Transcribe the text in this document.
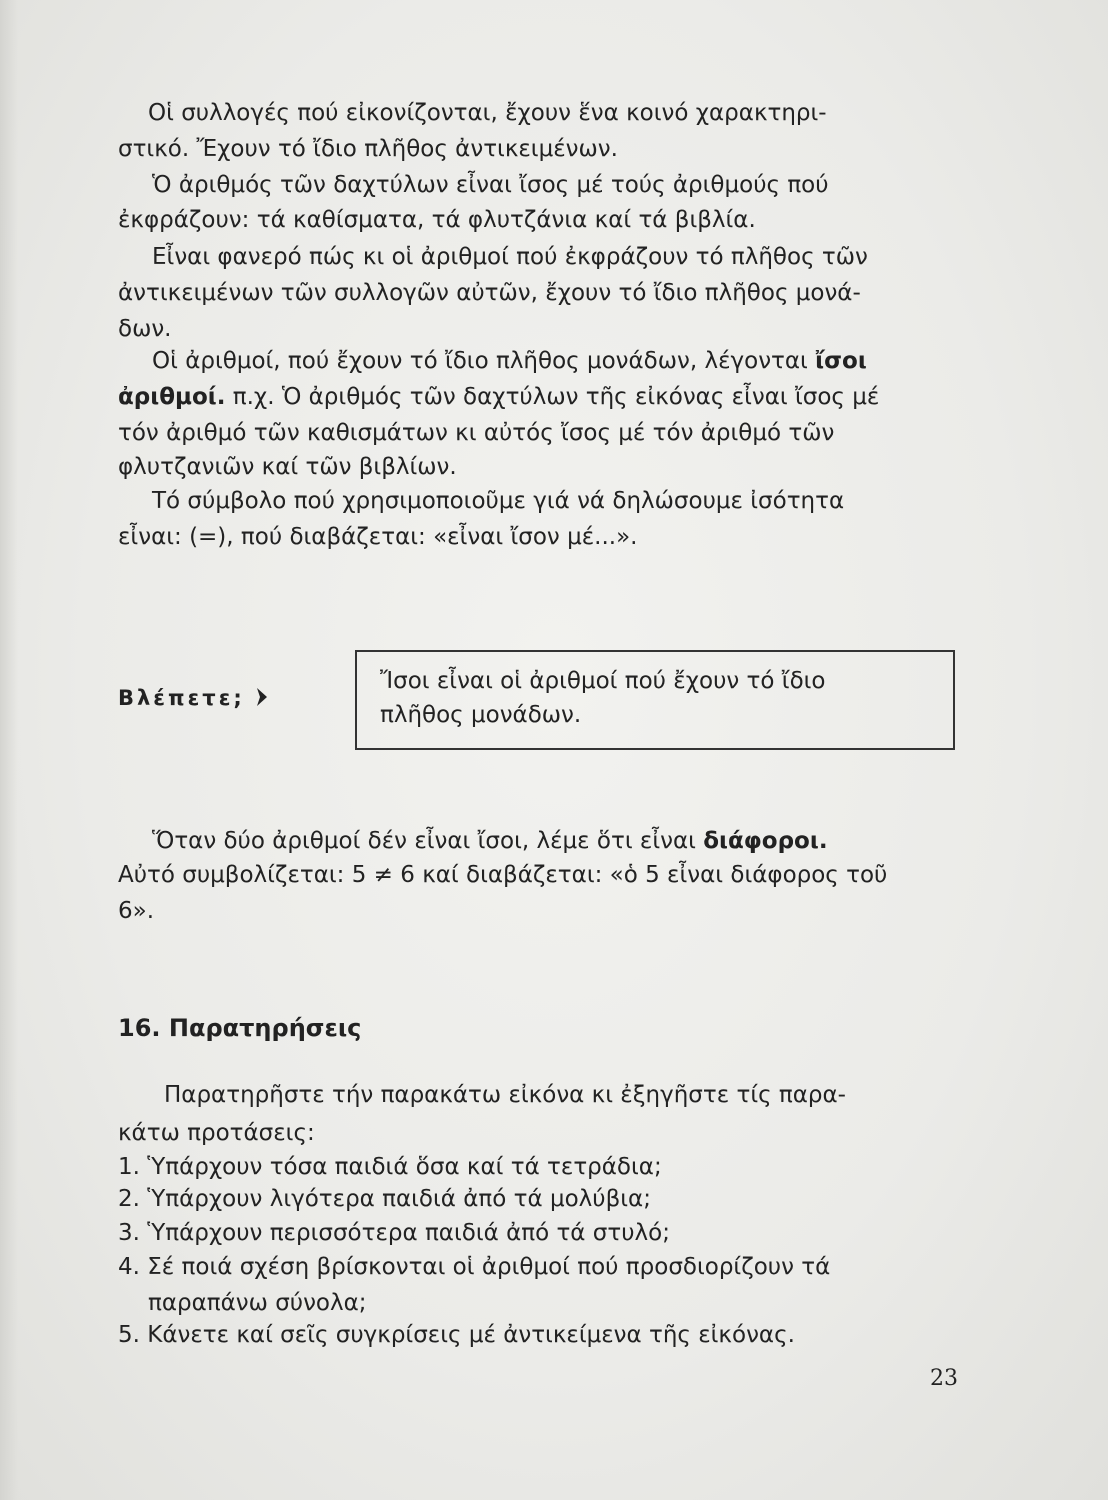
Οἱ συλλογές πού εἰκονίζονται, ἔχουν ἕνα κοινό χαρακτηρι-
στικό. Ἔχουν τό ἴδιο πλῆθος ἀντικειμένων.
Ὁ ἀριθμός τῶν δαχτύλων εἶναι ἴσος μέ τούς ἀριθμούς πού
ἐκφράζουν: τά καθίσματα, τά φλυτζάνια καί τά βιβλία.
Εἶναι φανερό πώς κι οἱ ἀριθμοί πού ἐκφράζουν τό πλῆθος τῶν
ἀντικειμένων τῶν συλλογῶν αὐτῶν, ἔχουν τό ἴδιο πλῆθος μονά-
δων.
Οἱ ἀριθμοί, πού ἔχουν τό ἴδιο πλῆθος μονάδων, λέγονται ἴσοι
ἀριθμοί. π.χ. Ὁ ἀριθμός τῶν δαχτύλων τῆς εἰκόνας εἶναι ἴσος μέ
τόν ἀριθμό τῶν καθισμάτων κι αὐτός ἴσος μέ τόν ἀριθμό τῶν
φλυτζανιῶν καί τῶν βιβλίων.
Τό σύμβολο πού χρησιμοποιοῦμε γιά νά δηλώσουμε ἰσότητα
εἶναι: (=), πού διαβάζεται: «εἶναι ἴσον μέ...».
Βλέπετε;
Ἴσοι εἶναι οἱ ἀριθμοί πού ἔχουν τό ἴδιο
πλῆθος μονάδων.
Ὅταν δύο ἀριθμοί δέν εἶναι ἴσοι, λέμε ὅτι εἶναι διάφοροι.
Αὐτό συμβολίζεται: 5 ≠ 6 καί διαβάζεται: «ὁ 5 εἶναι διάφορος τοῦ
6».
16. Παρατηρήσεις
Παρατηρῆστε τήν παρακάτω εἰκόνα κι ἐξηγῆστε τίς παρα-
κάτω προτάσεις:
1. Ὑπάρχουν τόσα παιδιά ὅσα καί τά τετράδια;
2. Ὑπάρχουν λιγότερα παιδιά ἀπό τά μολύβια;
3. Ὑπάρχουν περισσότερα παιδιά ἀπό τά στυλό;
4. Σέ ποιά σχέση βρίσκονται οἱ ἀριθμοί πού προσδιορίζουν τά
παραπάνω σύνολα;
5. Κάνετε καί σεῖς συγκρίσεις μέ ἀντικείμενα τῆς εἰκόνας.
23
